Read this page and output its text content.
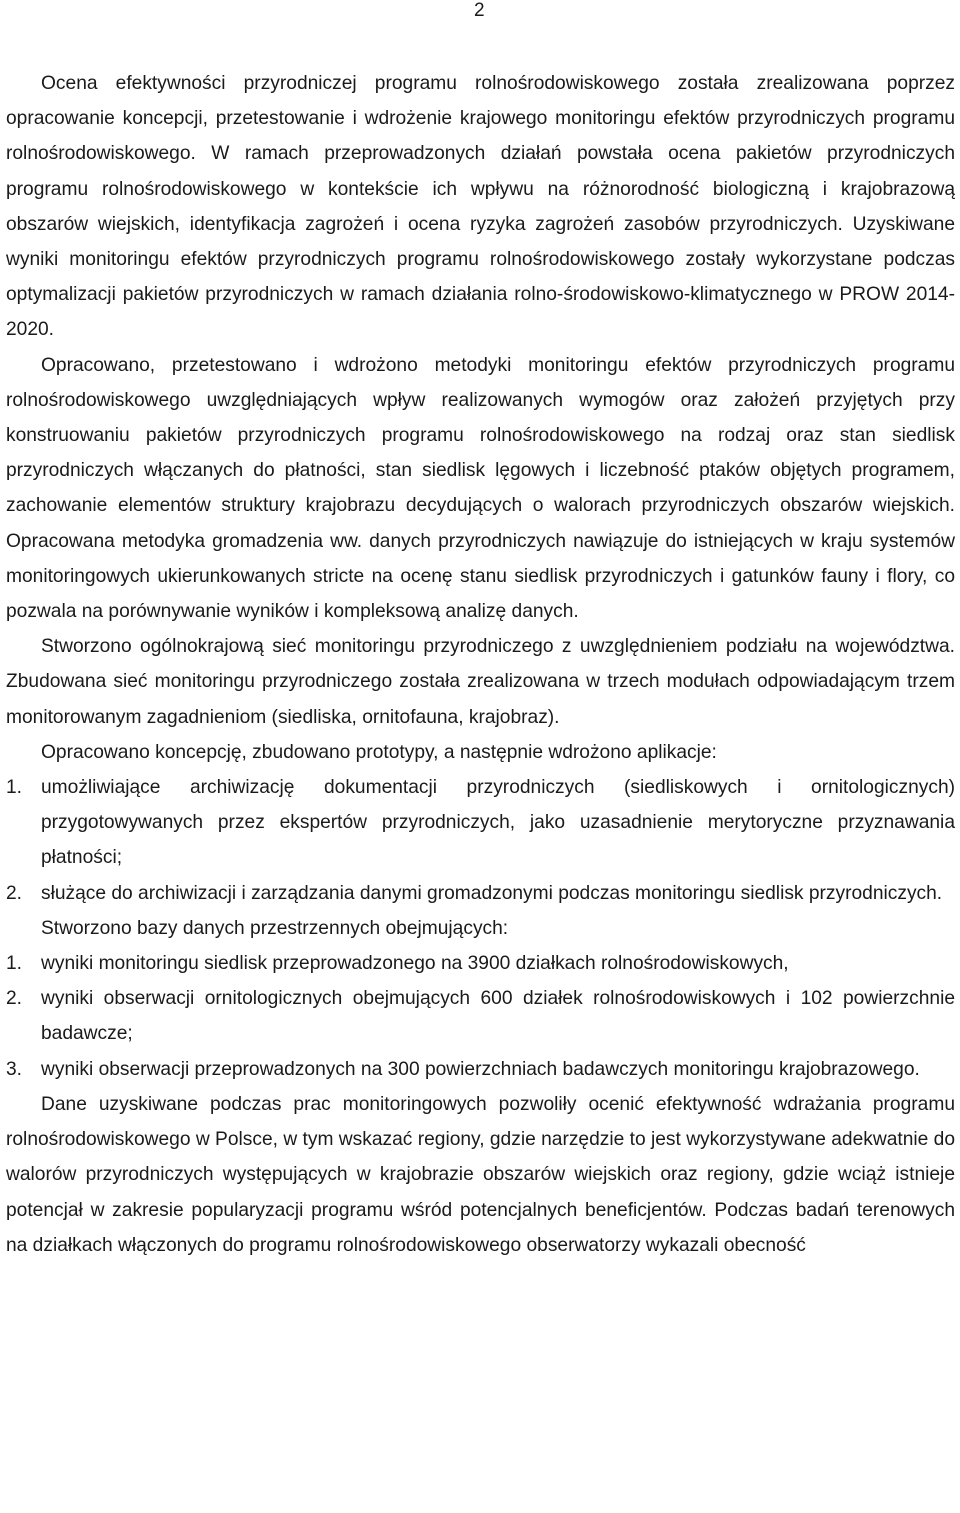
2

Ocena efektywności przyrodniczej programu rolnośrodowiskowego została zrealizowana poprzez opracowanie koncepcji, przetestowanie i wdrożenie krajowego monitoringu efektów przyrodniczych programu rolnośrodowiskowego. W ramach przeprowadzonych działań powstała ocena pakietów przyrodniczych programu rolnośrodowiskowego w kontekście ich wpływu na różnorodność biologiczną i krajobrazową obszarów wiejskich, identyfikacja zagrożeń i ocena ryzyka zagrożeń zasobów przyrodniczych. Uzyskiwane wyniki monitoringu efektów przyrodniczych programu rolnośrodowiskowego zostały wykorzystane podczas optymalizacji pakietów przyrodniczych w ramach działania rolno-środowiskowo-klimatycznego w PROW 2014-2020.

Opracowano, przetestowano i wdrożono metodyki monitoringu efektów przyrodniczych programu rolnośrodowiskowego uwzględniających wpływ realizowanych wymogów oraz założeń przyjętych przy konstruowaniu pakietów przyrodniczych programu rolnośrodowiskowego na rodzaj oraz stan siedlisk przyrodniczych włączanych do płatności, stan siedlisk lęgowych i liczebność ptaków objętych programem, zachowanie elementów struktury krajobrazu decydujących o walorach przyrodniczych obszarów wiejskich. Opracowana metodyka gromadzenia ww. danych przyrodniczych nawiązuje do istniejących w kraju systemów monitoringowych ukierunkowanych stricte na ocenę stanu siedlisk przyrodniczych i gatunków fauny i flory, co pozwala na porównywanie wyników i kompleksową analizę danych.

Stworzono ogólnokrajową sieć monitoringu przyrodniczego z uwzględnieniem podziału na województwa. Zbudowana sieć monitoringu przyrodniczego została zrealizowana w trzech modułach odpowiadającym trzem monitorowanym zagadnieniom (siedliska, ornitofauna, krajobraz).

Opracowano koncepcję, zbudowano prototypy, a następnie wdrożono aplikacje:

1. umożliwiające archiwizację dokumentacji przyrodniczych (siedliskowych i ornitologicznych) przygotowywanych przez ekspertów przyrodniczych, jako uzasadnienie merytoryczne przyznawania płatności;
2. służące do archiwizacji i zarządzania danymi gromadzonymi podczas monitoringu siedlisk przyrodniczych.

Stworzono bazy danych przestrzennych obejmujących:

1. wyniki monitoringu siedlisk przeprowadzonego na 3900 działkach rolnośrodowiskowych,
2. wyniki obserwacji ornitologicznych obejmujących 600 działek rolnośrodowiskowych i 102 powierzchnie badawcze;
3. wyniki obserwacji przeprowadzonych na 300 powierzchniach badawczych monitoringu krajobrazowego.

Dane uzyskiwane podczas prac monitoringowych pozwoliły ocenić efektywność wdrażania programu rolnośrodowiskowego w Polsce, w tym wskazać regiony, gdzie narzędzie to jest wykorzystywane adekwatnie do walorów przyrodniczych występujących w krajobrazie obszarów wiejskich oraz regiony, gdzie wciąż istnieje potencjał w zakresie popularyzacji programu wśród potencjalnych beneficjentów. Podczas badań terenowych na działkach włączonych do programu rolnośrodowiskowego obserwatorzy wykazali obecność
